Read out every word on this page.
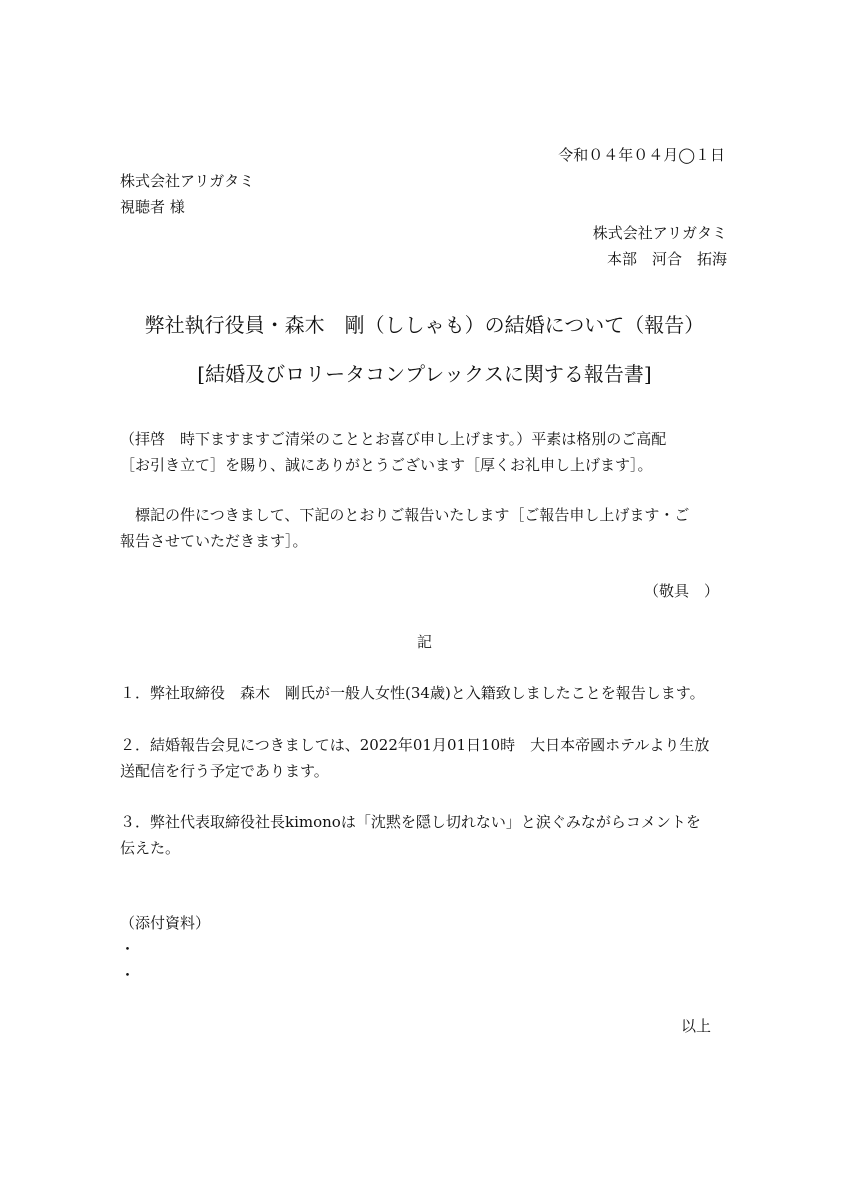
令和０４年０４月◯１日
株式会社アリガタミ
視聴者 様
株式会社アリガタミ
本部　河合　拓海
弊社執行役員・森木　剛（ししゃも）の結婚について（報告）
[結婚及びロリータコンプレックスに関する報告書]
（拝啓　時下ますますご清栄のこととお喜び申し上げます。）平素は格別のご高配
［お引き立て］を賜り、誠にありがとうございます［厚くお礼申し上げます］。
　標記の件につきまして、下記のとおりご報告いたします［ご報告申し上げます・ご
報告させていただきます］。
（敬具　）
記
１．弊社取締役　森木　剛氏が一般人女性(34歳)と入籍致しましたことを報告します。
２．結婚報告会見につきましては、2022年01月01日10時　大日本帝國ホテルより生放
送配信を行う予定であります。
３．弊社代表取締役社長kimonoは「沈黙を隠し切れない」と涙ぐみながらコメントを
伝えた。
（添付資料）
・
・
以上
